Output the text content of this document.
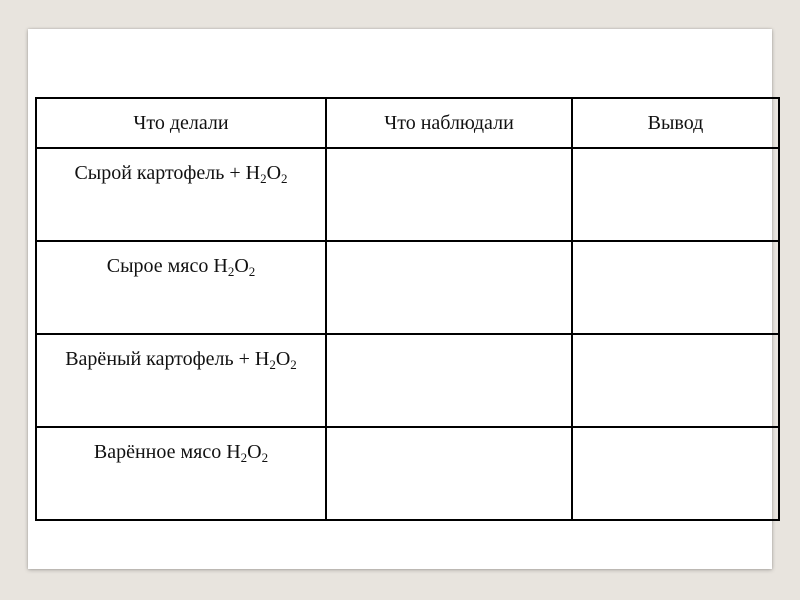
Что делали	Что наблюдали	Вывод

Сырой картофель + $H_2O_2$

Сырое мясо $H_2O_2$

Варёный картофель + $H_2O_2$

Варённое мясо $H_2O_2$
